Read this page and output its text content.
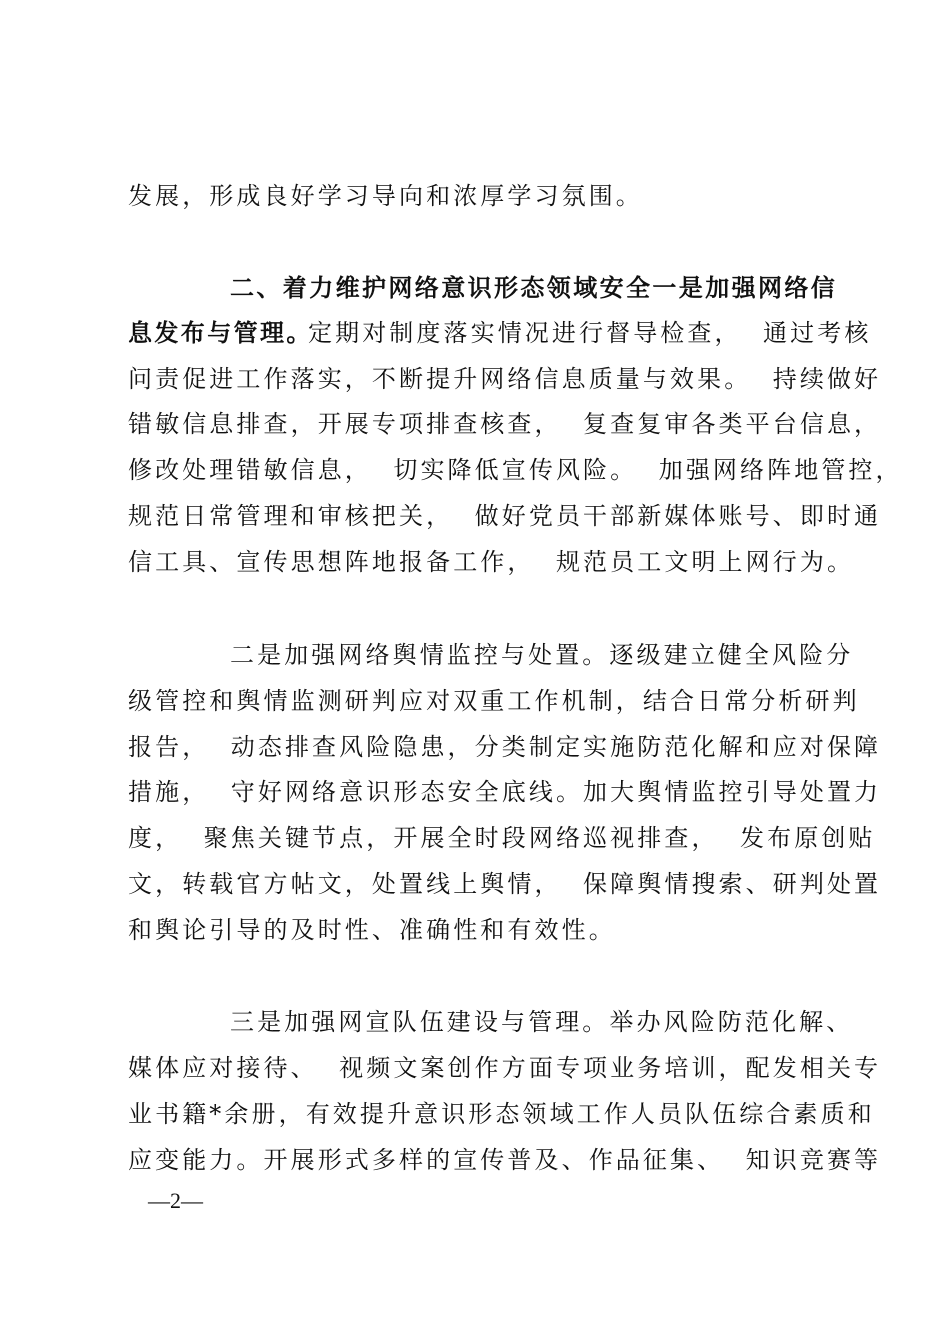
发展，形成良好学习导向和浓厚学习氛围。
二、着力维护网络意识形态领域安全一是加强网络信
息发布与管理。
定期对制度落实情况进行督导检查，  通过考核
问责促进工作落实，不断提升网络信息质量与效果。  持续做好
错敏信息排查，开展专项排查核查，  复查复审各类平台信息，
修改处理错敏信息，  切实降低宣传风险。  加强网络阵地管控，
规范日常管理和审核把关，  做好党员干部新媒体账号、即时通
信工具、宣传思想阵地报备工作，  规范员工文明上网行为。
二是加强网络舆情监控与处置。逐级建立健全风险分
级管控和舆情监测研判应对双重工作机制，结合日常分析研判
报告，  动态排查风险隐患，分类制定实施防范化解和应对保障
措施，  守好网络意识形态安全底线。加大舆情监控引导处置力
度，  聚焦关键节点，开展全时段网络巡视排查，  发布原创贴
文，转载官方帖文，处置线上舆情，  保障舆情搜索、研判处置
和舆论引导的及时性、准确性和有效性。
三是加强网宣队伍建设与管理。举办风险防范化解、
媒体应对接待、  视频文案创作方面专项业务培训，配发相关专
业书籍*余册，有效提升意识形态领域工作人员队伍综合素质和
应变能力。开展形式多样的宣传普及、作品征集、  知识竞赛等
—2—
